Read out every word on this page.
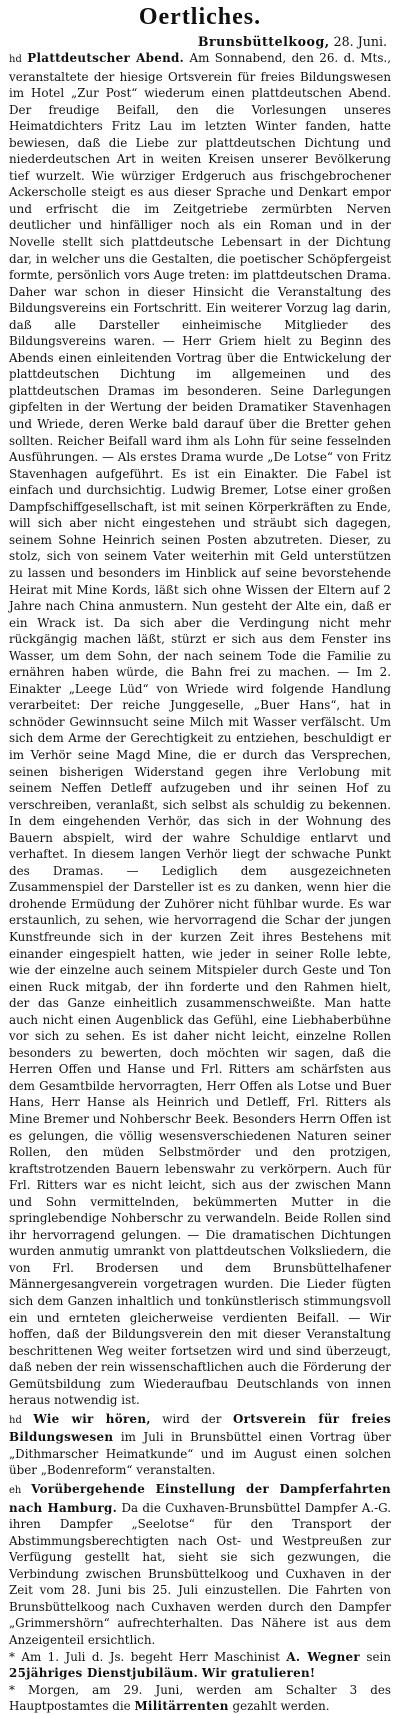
Oertliches.
Brunsbüttelkoog, 28. Juni.

hd Plattdeutscher Abend. Am Sonnabend, den 26. d. Mts., veranstaltete der hiesige Ortsverein für freies Bildungswesen im Hotel „Zur Post“ wiederum einen plattdeutschen Abend. Der freudige Beifall, den die Vorlesungen unseres Heimatdichters Fritz Lau im letzten Winter fanden, hatte bewiesen, daß die Liebe zur plattdeutschen Dichtung und niederdeutschen Art in weiten Kreisen unserer Bevölkerung tief wurzelt. Wie würziger Erdgeruch aus frischgebrochener Ackerscholle steigt es aus dieser Sprache und Denkart empor und erfrischt die im Zeitgetriebe zermürbten Nerven deutlicher und hinfälliger noch als ein Roman und in der Novelle stellt sich plattdeutsche Lebensart in der Dichtung dar, in welcher uns die Gestalten, die poetischer Schöpfergeist formte, persönlich vors Auge treten: im plattdeutschen Drama. Daher war schon in dieser Hinsicht die Veranstaltung des Bildungsvereins ein Fortschritt. Ein weiterer Vorzug lag darin, daß alle Darsteller einheimische Mitglieder des Bildungsvereins waren. — Herr Griem hielt zu Beginn des Abends einen einleitenden Vortrag über die Entwickelung der plattdeutschen Dichtung im allgemeinen und des plattdeutschen Dramas im besonderen. Seine Darlegungen gipfelten in der Wertung der beiden Dramatiker Stavenhagen und Wriede, deren Werke bald darauf über die Bretter gehen sollten. Reicher Beifall ward ihm als Lohn für seine fesselnden Ausführungen. — Als erstes Drama wurde „De Lotse“ von Fritz Stavenhagen aufgeführt. Es ist ein Einakter. Die Fabel ist einfach und durchsichtig. Ludwig Bremer, Lotse einer großen Dampfschiffgesellschaft, ist mit seinen Körperkräften zu Ende, will sich aber nicht eingestehen und sträubt sich dagegen, seinem Sohne Heinrich seinen Posten abzutreten. Dieser, zu stolz, sich von seinem Vater weiterhin mit Geld unterstützen zu lassen und besonders im Hinblick auf seine bevorstehende Heirat mit Mine Kords, läßt sich ohne Wissen der Eltern auf 2 Jahre nach China anmustern. Nun gesteht der Alte ein, daß er ein Wrack ist. Da sich aber die Verdingung nicht mehr rückgängig machen läßt, stürzt er sich aus dem Fenster ins Wasser, um dem Sohn, der nach seinem Tode die Familie zu ernähren haben würde, die Bahn frei zu machen. — Im 2. Einakter „Leege Lüd“ von Wriede wird folgende Handlung verarbeitet: Der reiche Junggeselle, „Buer Hans“, hat in schnöder Gewinnsucht seine Milch mit Wasser verfälscht. Um sich dem Arme der Gerechtigkeit zu entziehen, beschuldigt er im Verhör seine Magd Mine, die er durch das Versprechen, seinen bisherigen Widerstand gegen ihre Verlobung mit seinem Neffen Detleff aufzugeben und ihr seinen Hof zu verschreiben, veranlaßt, sich selbst als schuldig zu bekennen. In dem eingehenden Verhör, das sich in der Wohnung des Bauern abspielt, wird der wahre Schuldige entlarvt und verhaftet. In diesem langen Verhör liegt der schwache Punkt des Dramas. — Lediglich dem ausgezeichneten Zusammenspiel der Darsteller ist es zu danken, wenn hier die drohende Ermüdung der Zuhörer nicht fühlbar wurde. Es war erstaunlich, zu sehen, wie hervorragend die Schar der jungen Kunstfreunde sich in der kurzen Zeit ihres Bestehens mit einander eingespielt hatten, wie jeder in seiner Rolle lebte, wie der einzelne auch seinem Mitspieler durch Geste und Ton einen Ruck mitgab, der ihn forderte und den Rahmen hielt, der das Ganze einheitlich zusammenschweißte. Man hatte auch nicht einen Augenblick das Gefühl, eine Liebhaberbühne vor sich zu sehen. Es ist daher nicht leicht, einzelne Rollen besonders zu bewerten, doch möchten wir sagen, daß die Herren Offen und Hanse und Frl. Ritters am schärfsten aus dem Gesamtbilde hervorragten, Herr Offen als Lotse und Buer Hans, Herr Hanse als Heinrich und Detleff, Frl. Ritters als Mine Bremer und Nohberschr Beek. Besonders Herrn Offen ist es gelungen, die völlig wesensverschiedenen Naturen seiner Rollen, den müden Selbstmörder und den protzigen, kraftstrotzenden Bauern lebenswahr zu verkörpern. Auch für Frl. Ritters war es nicht leicht, sich aus der zwischen Mann und Sohn vermittelnden, bekümmerten Mutter in die springlebendige Nohberschr zu verwandeln. Beide Rollen sind ihr hervorragend gelungen. — Die dramatischen Dichtungen wurden anmutig umrankt von plattdeutschen Volksliedern, die von Frl. Brodersen und dem Brunsbüttelhafener Männergesangverein vorgetragen wurden. Die Lieder fügten sich dem Ganzen inhaltlich und tonkünstlerisch stimmungsvoll ein und ernteten gleicherweise verdienten Beifall. — Wir hoffen, daß der Bildungsverein den mit dieser Veranstaltung beschrittenen Weg weiter fortsetzen wird und sind überzeugt, daß neben der rein wissenschaftlichen auch die Förderung der Gemütsbildung zum Wiederaufbau Deutschlands von innen heraus notwendig ist.

hd Wie wir hören, wird der Ortsverein für freies Bildungswesen im Juli in Brunsbüttel einen Vortrag über „Dithmarscher Heimatkunde“ und im August einen solchen über „Bodenreform“ veranstalten.

eh Vorübergehende Einstellung der Dampferfahrten nach Hamburg. Da die Cuxhaven-Brunsbüttel Dampfer A.-G. ihren Dampfer „Seelotse“ für den Transport der Abstimmungsberechtigten nach Ost- und Westpreußen zur Verfügung gestellt hat, sieht sie sich gezwungen, die Verbindung zwischen Brunsbüttelkoog und Cuxhaven in der Zeit vom 28. Juni bis 25. Juli einzustellen. Die Fahrten von Brunsbüttelkoog nach Cuxhaven werden durch den Dampfer „Grimmershörn“ aufrechterhalten. Das Nähere ist aus dem Anzeigenteil ersichtlich.

* Am 1. Juli d. Js. begeht Herr Maschinist A. Wegner sein 25jähriges Dienstjubiläum. Wir gratulieren!

* Morgen, am 29. Juni, werden am Schalter 3 des Hauptpostamtes die Militärrenten gezahlt werden.
